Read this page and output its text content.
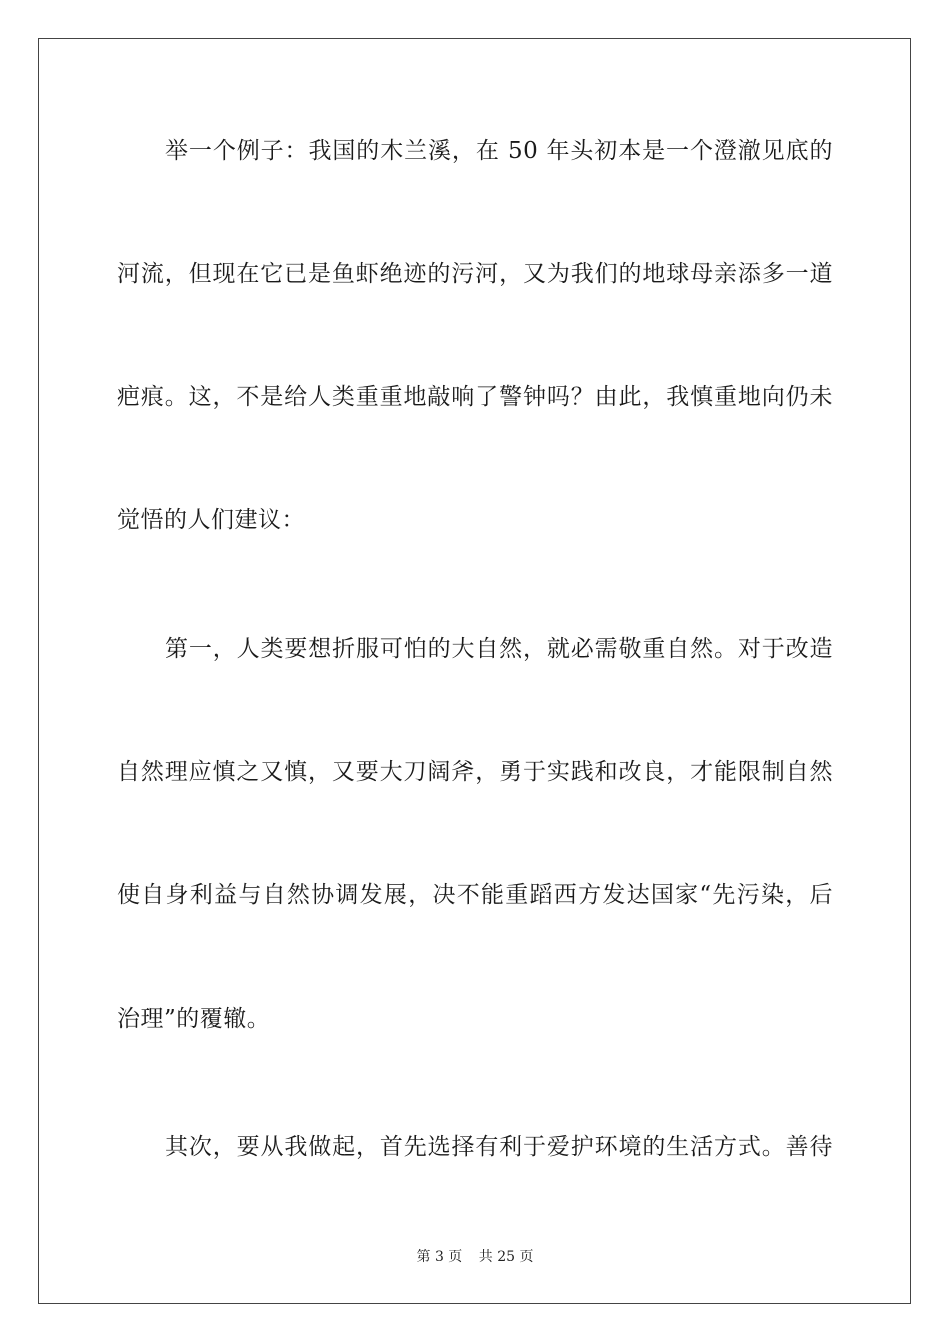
举一个例子：我国的木兰溪，在 50 年头初本是一个澄澈见底的
河流，但现在它已是鱼虾绝迹的污河，又为我们的地球母亲添多一道
疤痕。这，不是给人类重重地敲响了警钟吗？由此，我慎重地向仍未
觉悟的人们建议：
第一，人类要想折服可怕的大自然，就必需敬重自然。对于改造
自然理应慎之又慎，又要大刀阔斧，勇于实践和改良，才能限制自然
使自身利益与自然协调发展，决不能重蹈西方发达国家“先污染，后
治理”的覆辙。
其次，要从我做起，首先选择有利于爱护环境的生活方式。善待
第 3 页 共 25 页
